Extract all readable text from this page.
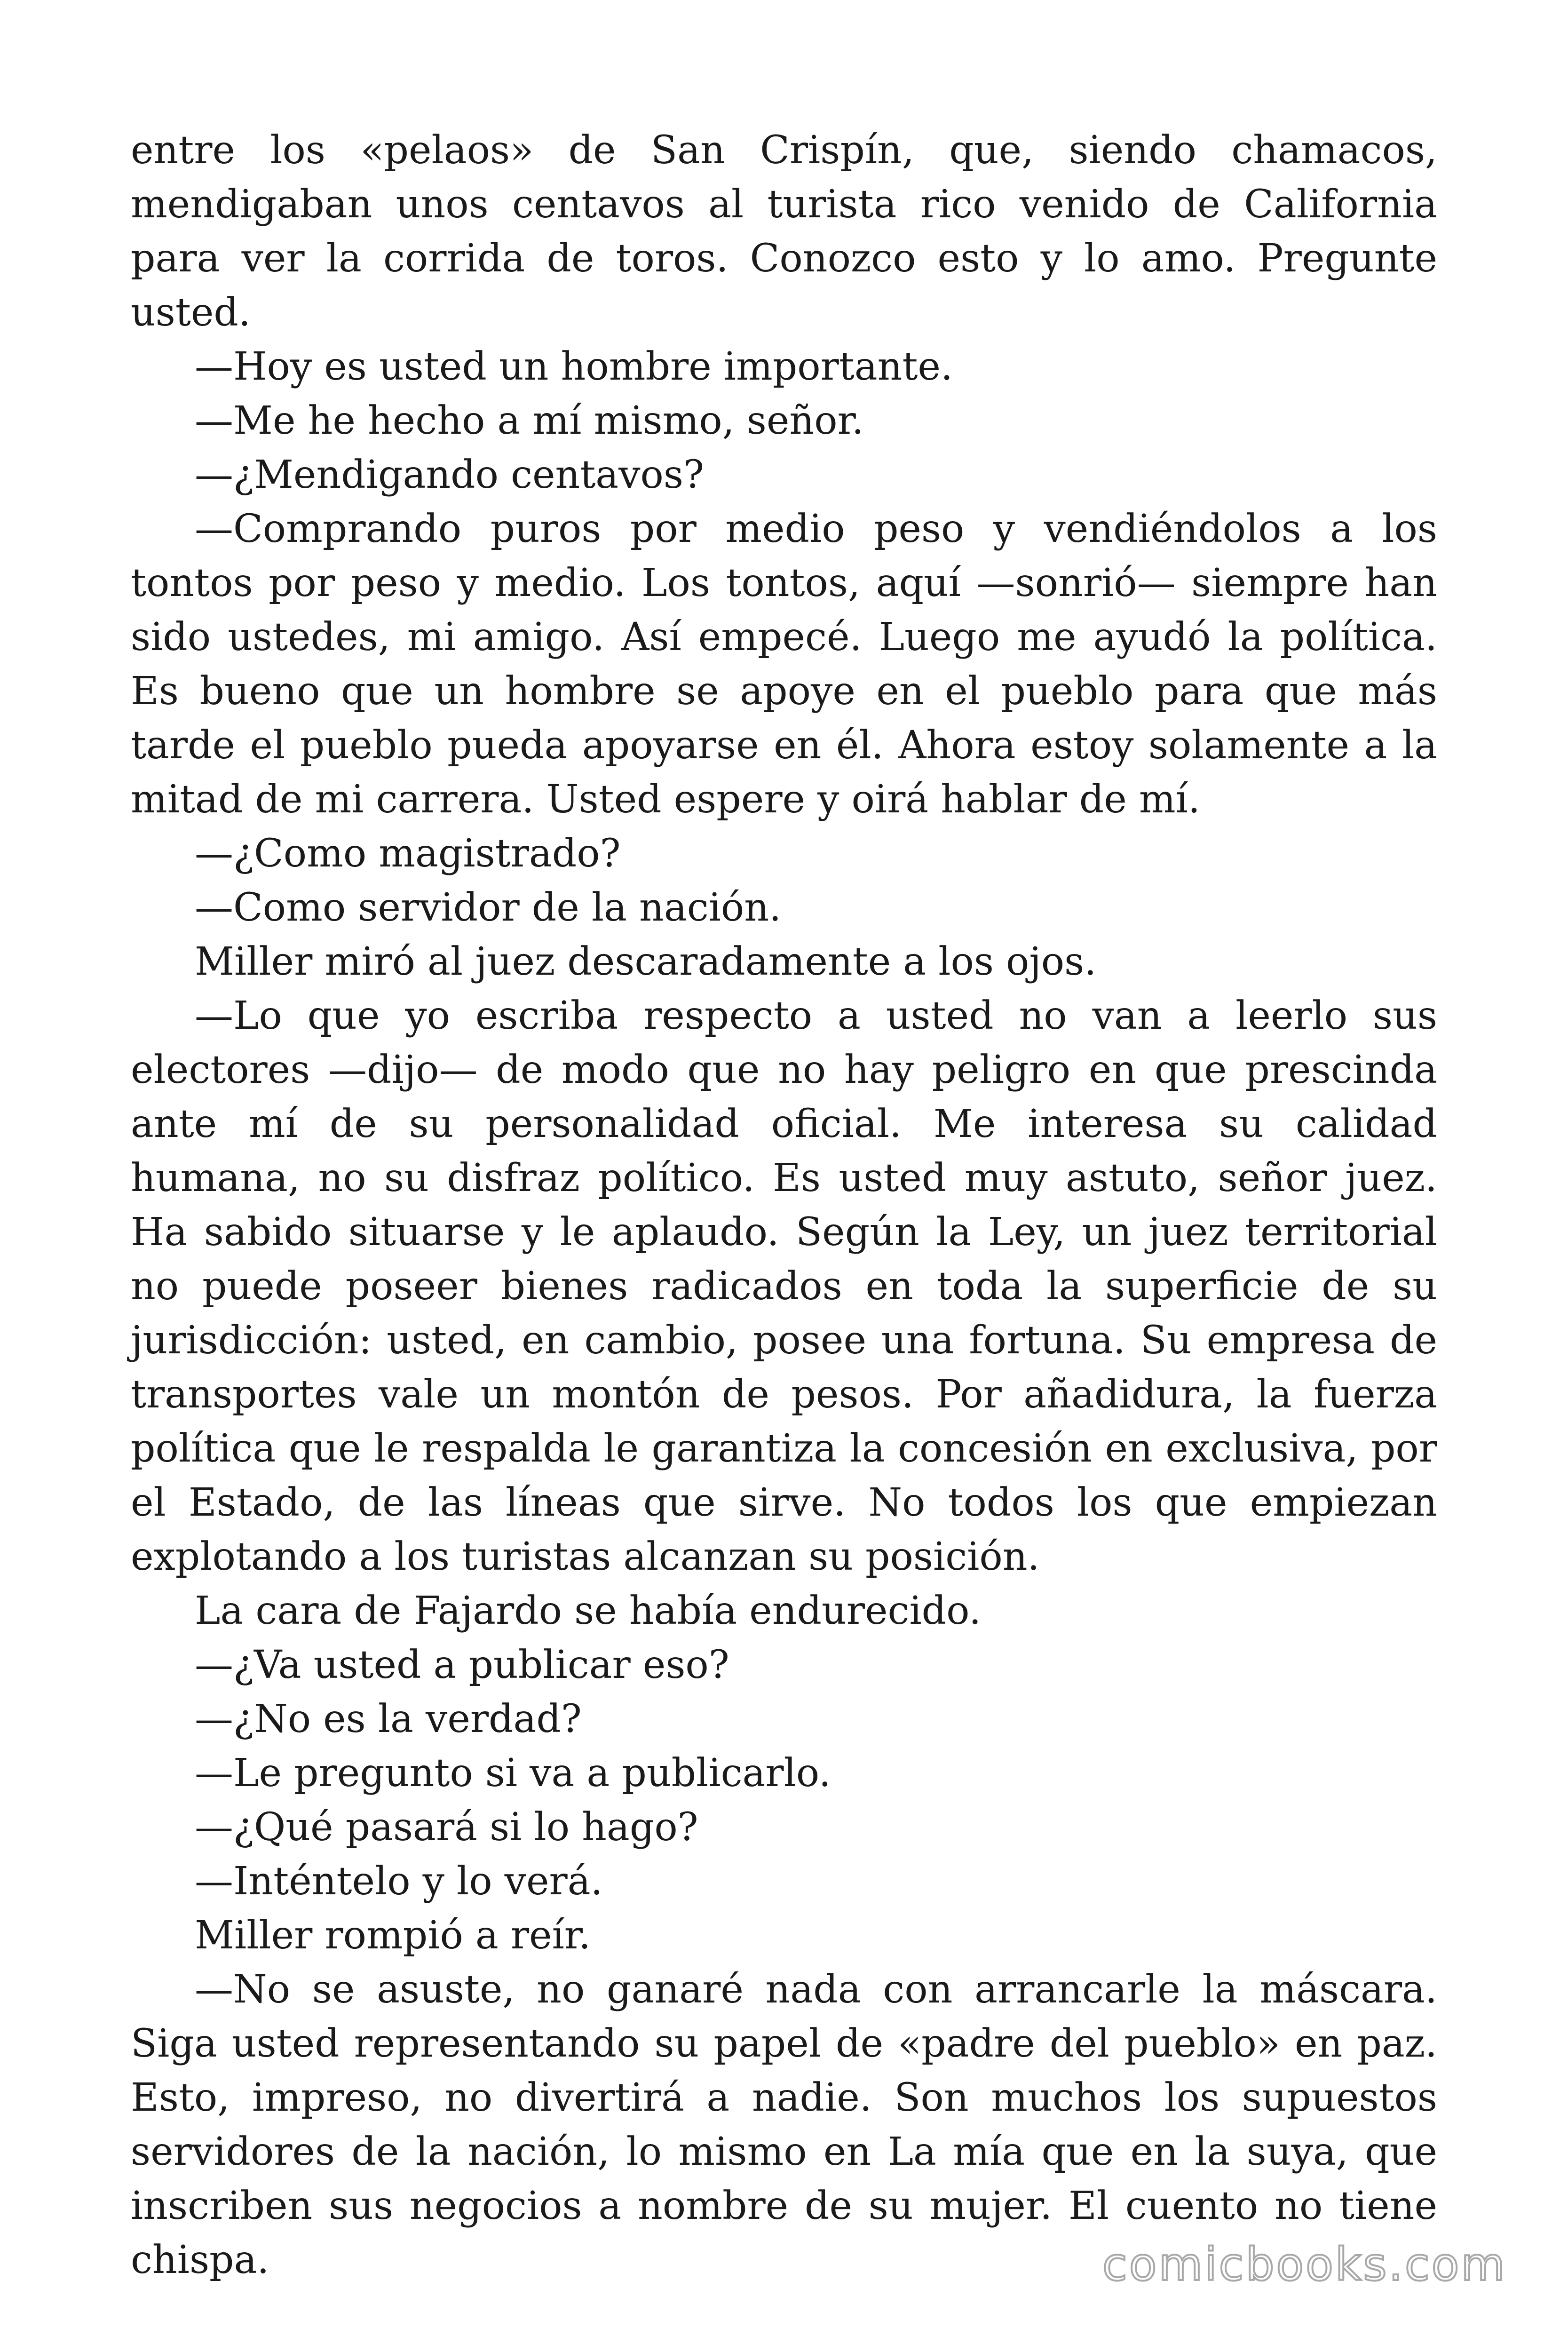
entre los «pelaos» de San Crispín, que, siendo chamacos, mendigaban unos centavos al turista rico venido de California para ver la corrida de toros. Conozco esto y lo amo. Pregunte usted.

—Hoy es usted un hombre importante.

—Me he hecho a mí mismo, señor.

—¿Mendigando centavos?

—Comprando puros por medio peso y vendiéndolos a los tontos por peso y medio. Los tontos, aquí —sonrió— siempre han sido ustedes, mi amigo. Así empecé. Luego me ayudó la política. Es bueno que un hombre se apoye en el pueblo para que más tarde el pueblo pueda apoyarse en él. Ahora estoy solamente a la mitad de mi carrera. Usted espere y oirá hablar de mí.

—¿Como magistrado?

—Como servidor de la nación.

Miller miró al juez descaradamente a los ojos.

—Lo que yo escriba respecto a usted no van a leerlo sus electores —dijo— de modo que no hay peligro en que prescinda ante mí de su personalidad oficial. Me interesa su calidad humana, no su disfraz político. Es usted muy astuto, señor juez. Ha sabido situarse y le aplaudo. Según la Ley, un juez territorial no puede poseer bienes radicados en toda la superficie de su jurisdicción: usted, en cambio, posee una fortuna. Su empresa de transportes vale un montón de pesos. Por añadidura, la fuerza política que le respalda le garantiza la concesión en exclusiva, por el Estado, de las líneas que sirve. No todos los que empiezan explotando a los turistas alcanzan su posición.

La cara de Fajardo se había endurecido.

—¿Va usted a publicar eso?

—¿No es la verdad?

—Le pregunto si va a publicarlo.

—¿Qué pasará si lo hago?

—Inténtelo y lo verá.

Miller rompió a reír.

—No se asuste, no ganaré nada con arrancarle la máscara. Siga usted representando su papel de «padre del pueblo» en paz. Esto, impreso, no divertirá a nadie. Son muchos los supuestos servidores de la nación, lo mismo en La mía que en la suya, que inscriben sus negocios a nombre de su mujer. El cuento no tiene chispa.	comicbooks.com
